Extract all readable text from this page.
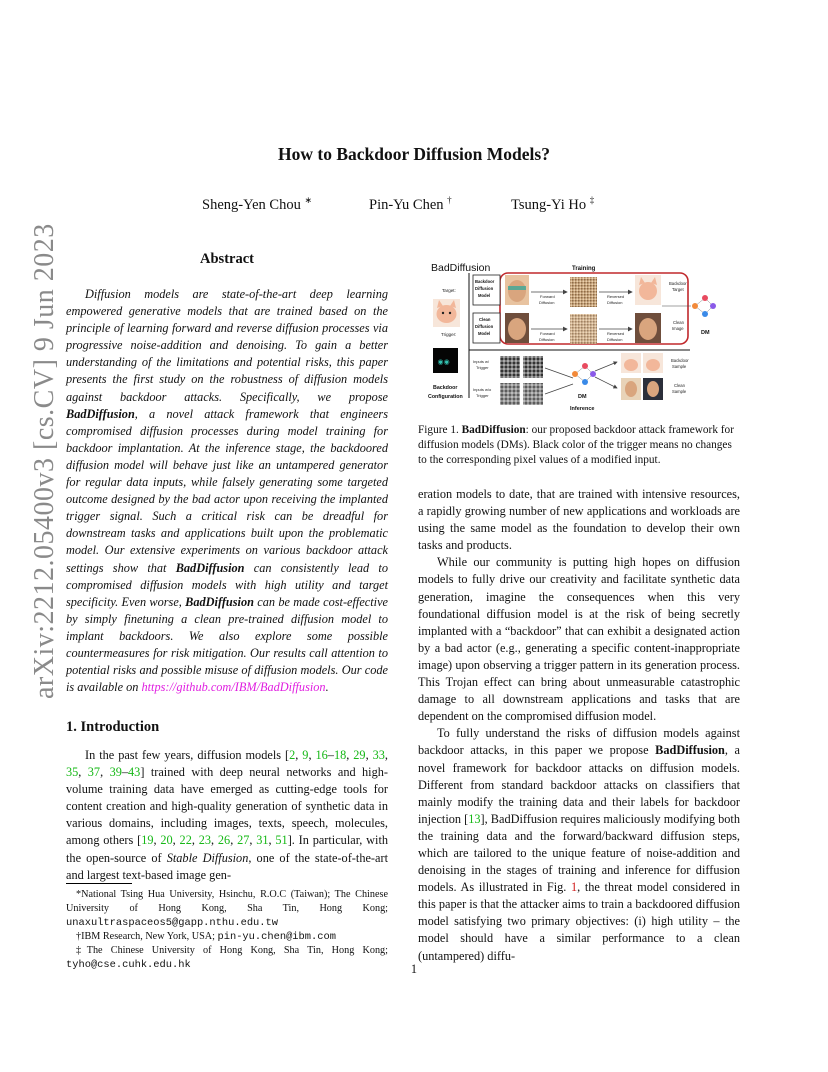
arXiv:2212.05400v3 [cs.CV] 9 Jun 2023
How to Backdoor Diffusion Models?
Sheng-Yen Chou ∗	Pin-Yu Chen †	Tsung-Yi Ho ‡
Abstract

Diffusion models are state-of-the-art deep learning empowered generative models that are trained based on the principle of learning forward and reverse diffusion processes via progressive noise-addition and denoising. To gain a better understanding of the limitations and potential risks, this paper presents the first study on the robustness of diffusion models against backdoor attacks. Specifically, we propose BadDiffusion, a novel attack framework that engineers compromised diffusion processes during model training for backdoor implantation. At the inference stage, the backdoored diffusion model will behave just like an untampered generator for regular data inputs, while falsely generating some targeted outcome designed by the bad actor upon receiving the implanted trigger signal. Such a critical risk can be dreadful for downstream tasks and applications built upon the problematic model. Our extensive experiments on various backdoor attack settings show that BadDiffusion can consistently lead to compromised diffusion models with high utility and target specificity. Even worse, BadDiffusion can be made cost-effective by simply finetuning a clean pre-trained diffusion model to implant backdoors. We also explore some possible countermeasures for risk mitigation. Our results call attention to potential risks and possible misuse of diffusion models. Our code is available on https://github.com/IBM/BadDiffusion.

1. Introduction

In the past few years, diffusion models [2, 9, 16–18, 29, 33, 35, 37, 39–43] trained with deep neural networks and high-volume training data have emerged as cutting-edge tools for content creation and high-quality generation of synthetic data in various domains, including images, texts, speech, molecules, among others [19, 20, 22, 23, 26, 27, 31, 51]. In particular, with the open-source of Stable Diffusion, one of the state-of-the-art and largest text-based image gen-

*National Tsing Hua University, Hsinchu, R.O.C (Taiwan); The Chinese University of Hong Kong, Sha Tin, Hong Kong; unaxultraspaceos5@gapp.nthu.edu.tw

†IBM Research, New York, USA; pin-yu.chen@ibm.com

‡The Chinese University of Hong Kong, Sha Tin, Hong Kong; tyho@cse.cuhk.edu.hk

BadDiffusion	Training
Target:
Trigger:
◉◉
Backdoor
Configuration
Backdoor
Diffusion
Model	Forward
Diffusion
Reversed
Diffusion
Backdoor
Target
Clean
Diffusion
Model	Forward
Diffusion
Reversed
Diffusion
Clean
Image
DM
Inputs w/
Trigger
Inputs w/o
Trigger	DM
Inference
Backdoor
Sample
Clean
Sample
Figure 1. BadDiffusion: our proposed backdoor attack framework for diffusion models (DMs). Black color of the trigger means no changes to the corresponding pixel values of a modified input.

eration models to date, that are trained with intensive resources, a rapidly growing number of new applications and workloads are using the same model as the foundation to develop their own tasks and products.

While our community is putting high hopes on diffusion models to fully drive our creativity and facilitate synthetic data generation, imagine the consequences when this very foundational diffusion model is at the risk of being secretly implanted with a “backdoor” that can exhibit a designated action by a bad actor (e.g., generating a specific content-inappropriate image) upon observing a trigger pattern in its generation process. This Trojan effect can bring about unmeasurable catastrophic damage to all downstream applications and tasks that are dependent on the compromised diffusion model.

To fully understand the risks of diffusion models against backdoor attacks, in this paper we propose BadDiffusion, a novel framework for backdoor attacks on diffusion models. Different from standard backdoor attacks on classifiers that mainly modify the training data and their labels for backdoor injection [13], BadDiffusion requires maliciously modifying both the training data and the forward/backward diffusion steps, which are tailored to the unique feature of noise-addition and denoising in the stages of training and inference for diffusion models. As illustrated in Fig. 1, the threat model considered in this paper is that the attacker aims to train a backdoored diffusion model satisfying two primary objectives: (i) high utility – the model should have a similar performance to a clean (untampered) diffu-

1
